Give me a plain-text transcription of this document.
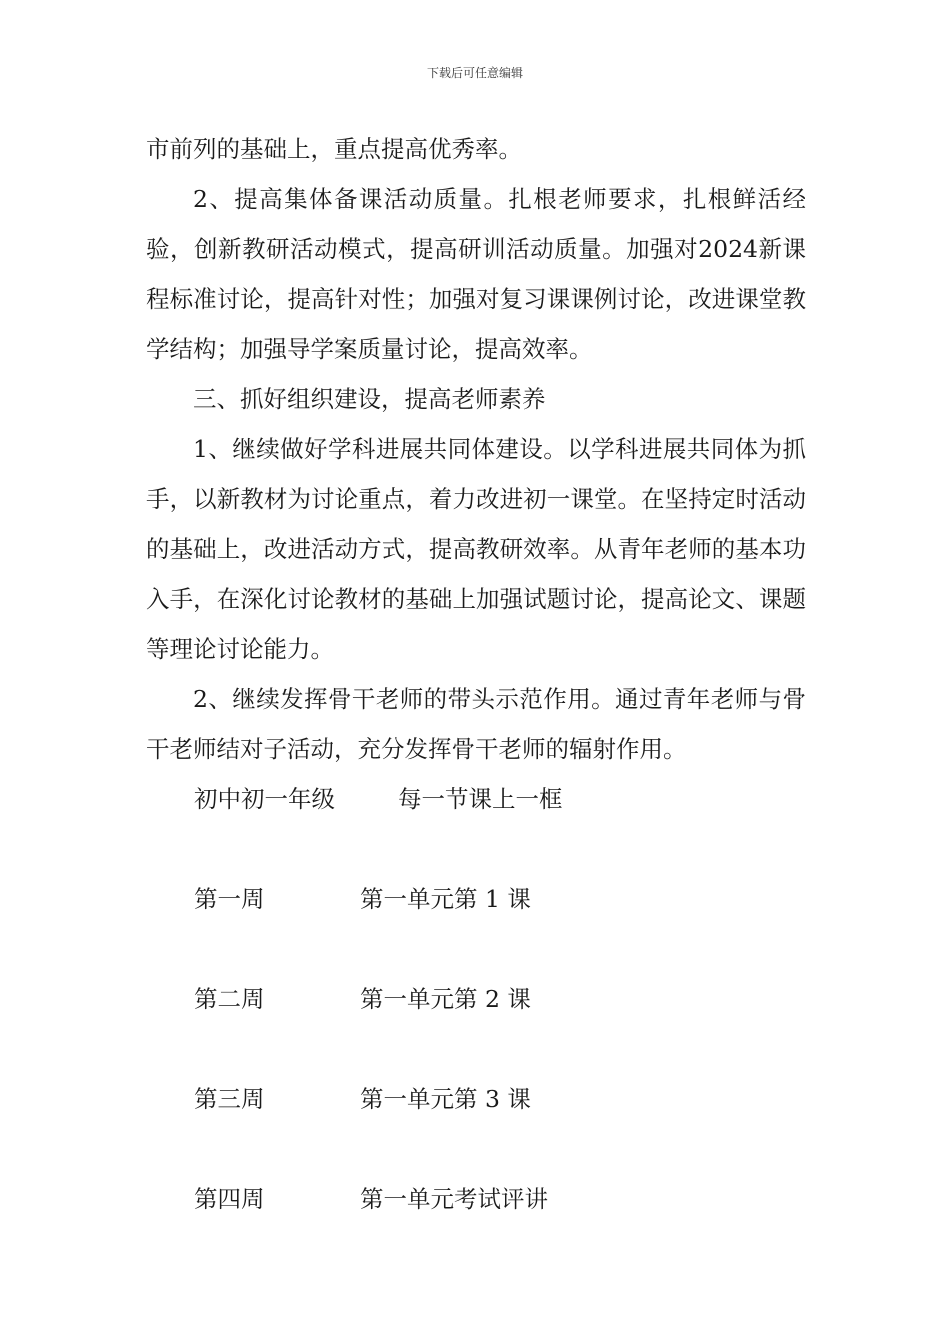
下载后可任意编辑

市前列的基础上，重点提高优秀率。

2、提高集体备课活动质量。扎根老师要求，扎根鲜活经验，创新教研活动模式，提高研训活动质量。加强对2024新课程标准讨论，提高针对性；加强对复习课课例讨论，改进课堂教学结构；加强导学案质量讨论，提高效率。

三、抓好组织建设，提高老师素养

1、继续做好学科进展共同体建设。以学科进展共同体为抓手，以新教材为讨论重点，着力改进初一课堂。在坚持定时活动的基础上，改进活动方式，提高教研效率。从青年老师的基本功入手，在深化讨论教材的基础上加强试题讨论，提高论文、课题等理论讨论能力。

2、继续发挥骨干老师的带头示范作用。通过青年老师与骨干老师结对子活动，充分发挥骨干老师的辐射作用。

初中初一年级	每一节课上一框
第一周	第一单元第 1 课
第二周	第一单元第 2 课
第三周	第一单元第 3 课
第四周	第一单元考试评讲
